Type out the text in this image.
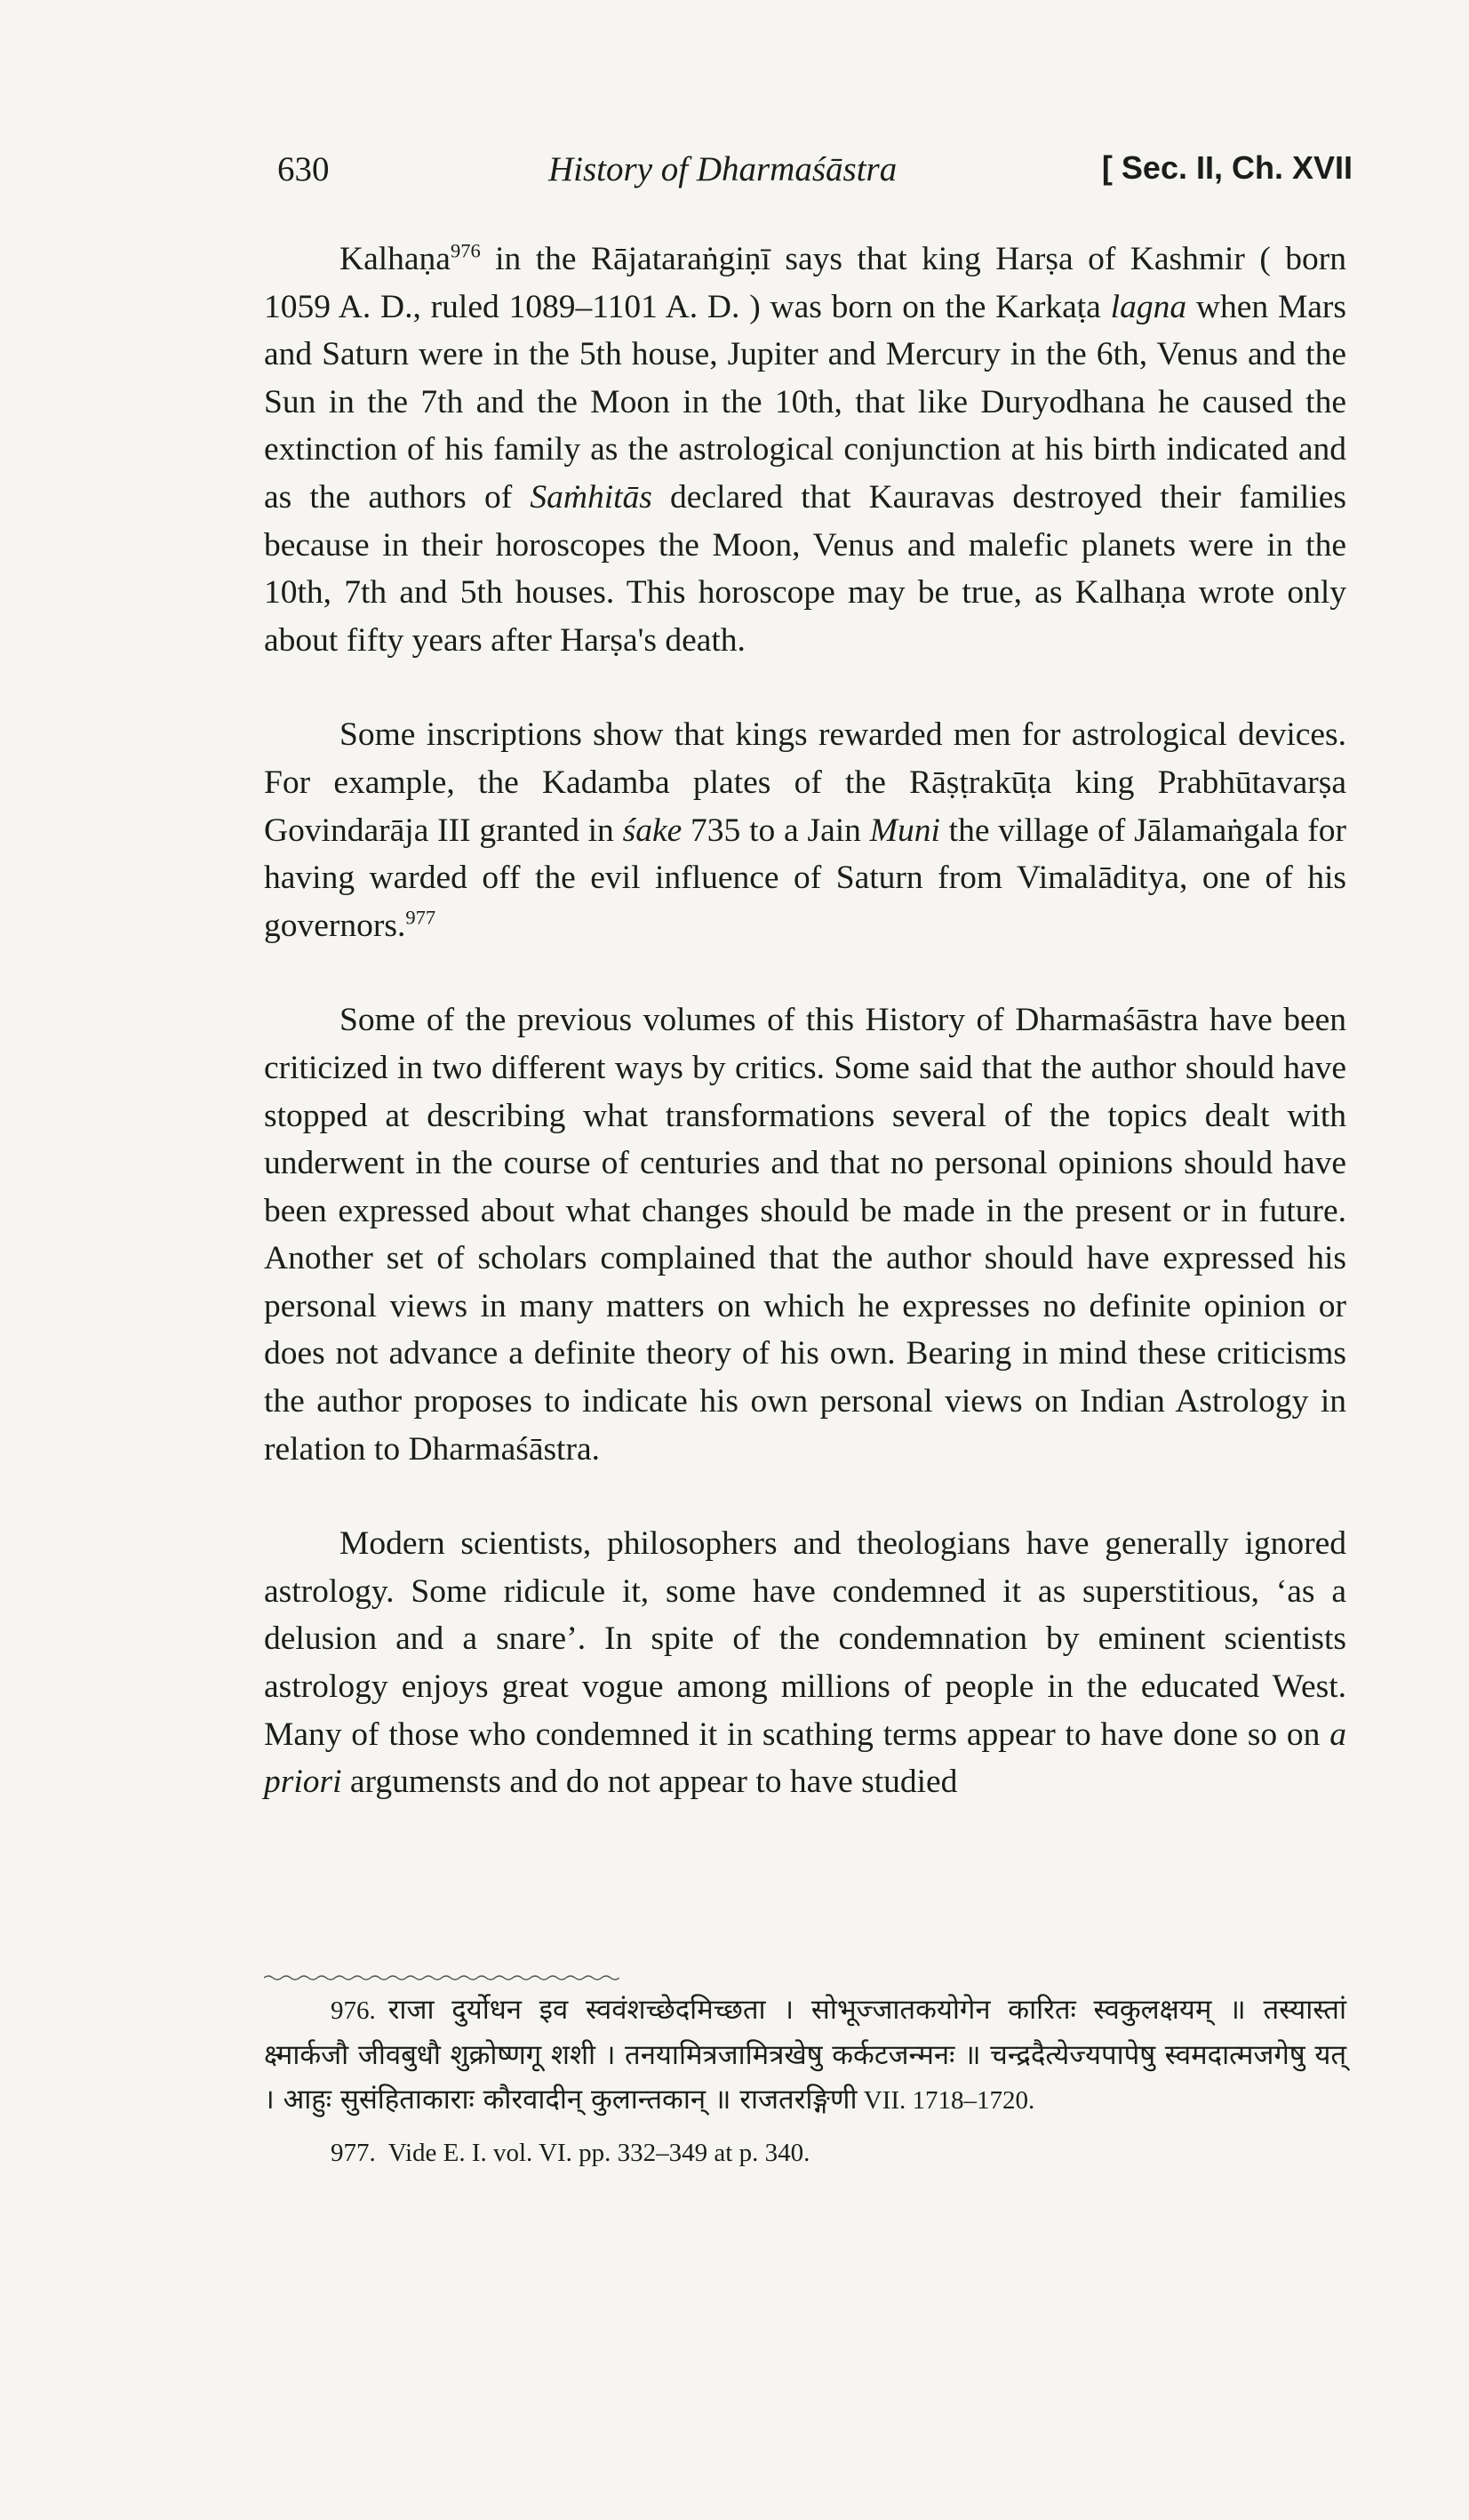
630	History of Dharmaśāstra	[ Sec. II, Ch. XVII

Kalhaṇa$^{976}$ in the Rājataraṅgiṇī says that king Harṣa of Kashmir ( born 1059 A. D., ruled 1089–1101 A. D. ) was born on the Karkaṭa lagna when Mars and Saturn were in the 5th house, Jupiter and Mercury in the 6th, Venus and the Sun in the 7th and the Moon in the 10th, that like Duryodhana he caused the extinction of his family as the astrological conjunction at his birth indicated and as the authors of Saṁhitās declared that Kauravas destroyed their families because in their horoscopes the Moon, Venus and malefic planets were in the 10th, 7th and 5th houses. This horoscope may be true, as Kalhaṇa wrote only about fifty years after Harṣa's death.

Some inscriptions show that kings rewarded men for astrological devices. For example, the Kadamba plates of the Rāṣṭrakūṭa king Prabhūtavarṣa Govindarāja III granted in śake 735 to a Jain Muni the village of Jālamaṅgala for having warded off the evil influence of Saturn from Vimalāditya, one of his governors.$^{977}$

Some of the previous volumes of this History of Dharmaśāstra have been criticized in two different ways by critics. Some said that the author should have stopped at describing what transformations several of the topics dealt with underwent in the course of centuries and that no personal opinions should have been expressed about what changes should be made in the present or in future. Another set of scholars complained that the author should have expressed his personal views in many matters on which he expresses no definite opinion or does not advance a definite theory of his own. Bearing in mind these criticisms the author proposes to indicate his own personal views on Indian Astrology in relation to Dharmaśāstra.

Modern scientists, philosophers and theologians have generally ignored astrology. Some ridicule it, some have condemned it as superstitious, ‘as a delusion and a snare’. In spite of the condemnation by eminent scientists astrology enjoys great vogue among millions of people in the educated West. Many of those who condemned it in scathing terms appear to have done so on a priori argumensts and do not appear to have studied

976. राजा दुर्योधन इव स्ववंशच्छेदमिच्छता । सोभूज्जातकयोगेन कारितः स्वकुलक्षयम् ॥ तस्यास्तां क्ष्मार्कजौ जीवबुधौ शुक्रोष्णगू शशी । तनयामित्रजामित्रखेषु कर्कटजन्मनः ॥ चन्द्रदैत्येज्यपापेषु स्वमदात्मजगेषु यत् । आहुः सुसंहिताकाराः कौरवादीन् कुलान्तकान् ॥ राजतरङ्गिणी VII. 1718–1720.

977. Vide E. I. vol. VI. pp. 332–349 at p. 340.
